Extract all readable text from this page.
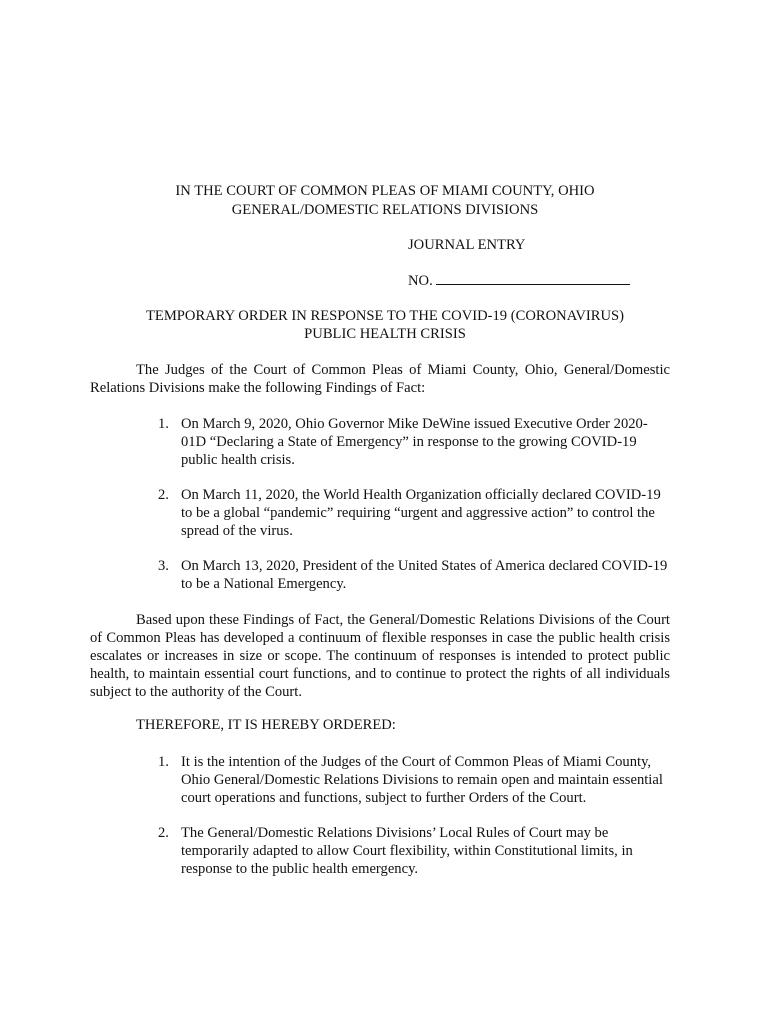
IN THE COURT OF COMMON PLEAS OF MIAMI COUNTY, OHIO
GENERAL/DOMESTIC RELATIONS DIVISIONS
JOURNAL ENTRY
NO.
TEMPORARY ORDER IN RESPONSE TO THE COVID-19 (CORONAVIRUS)
PUBLIC HEALTH CRISIS
The Judges of the Court of Common Pleas of Miami County, Ohio, General/Domestic Relations Divisions make the following Findings of Fact:
1. On March 9, 2020, Ohio Governor Mike DeWine issued Executive Order 2020-01D “Declaring a State of Emergency” in response to the growing COVID-19 public health crisis.
2. On March 11, 2020, the World Health Organization officially declared COVID-19 to be a global “pandemic” requiring “urgent and aggressive action” to control the spread of the virus.
3. On March 13, 2020, President of the United States of America declared COVID-19 to be a National Emergency.
Based upon these Findings of Fact, the General/Domestic Relations Divisions of the Court of Common Pleas has developed a continuum of flexible responses in case the public health crisis escalates or increases in size or scope. The continuum of responses is intended to protect public health, to maintain essential court functions, and to continue to protect the rights of all individuals subject to the authority of the Court.
THEREFORE, IT IS HEREBY ORDERED:
1. It is the intention of the Judges of the Court of Common Pleas of Miami County, Ohio General/Domestic Relations Divisions to remain open and maintain essential court operations and functions, subject to further Orders of the Court.
2. The General/Domestic Relations Divisions’ Local Rules of Court may be temporarily adapted to allow Court flexibility, within Constitutional limits, in response to the public health emergency.
